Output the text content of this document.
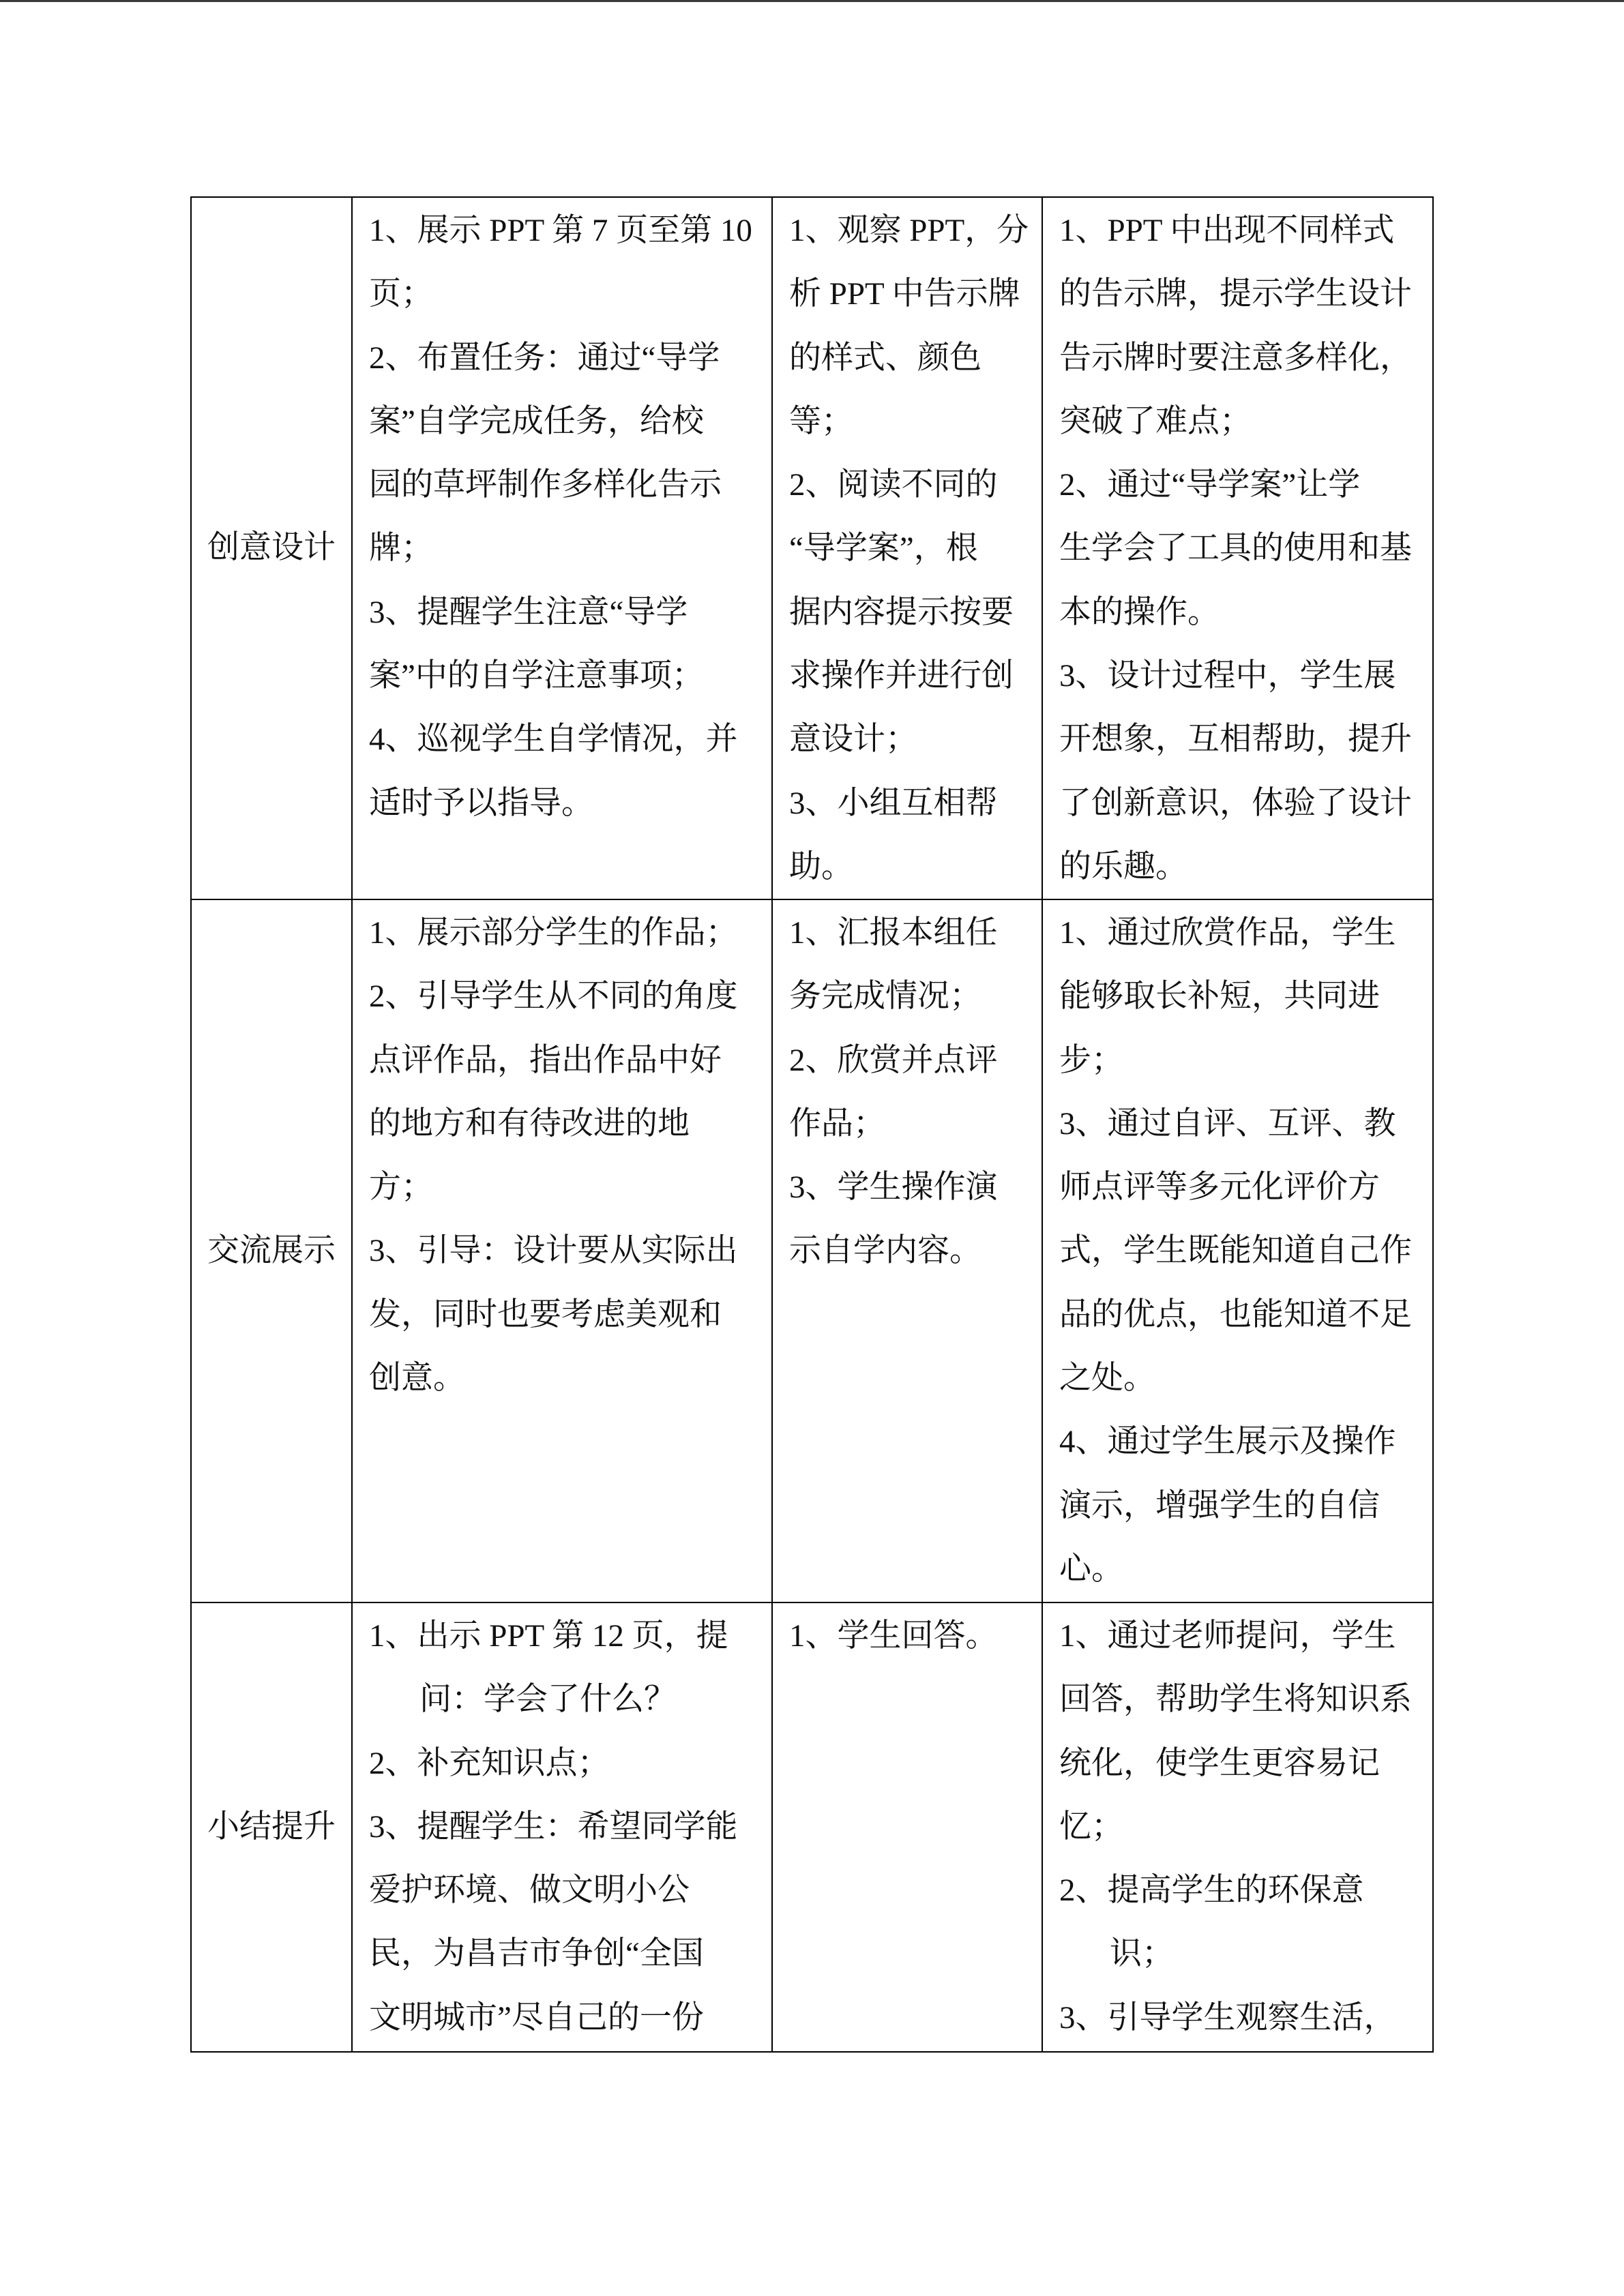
创意设计
1、展示 PPT 第 7 页至第 10
页；
2、布置任务：通过“导学
案”自学完成任务，给校
园的草坪制作多样化告示
牌；
3、提醒学生注意“导学
案”中的自学注意事项；
4、巡视学生自学情况，并
适时予以指导。
1、观察 PPT，分
析 PPT 中告示牌
的样式、颜色
等；
2、阅读不同的
“导学案”，根
据内容提示按要
求操作并进行创
意设计；
3、小组互相帮
助。
1、PPT 中出现不同样式
的告示牌，提示学生设计
告示牌时要注意多样化，
突破了难点；
2、通过“导学案”让学
生学会了工具的使用和基
本的操作。
3、设计过程中，学生展
开想象，互相帮助，提升
了创新意识，体验了设计
的乐趣。
交流展示
1、展示部分学生的作品；
2、引导学生从不同的角度
点评作品，指出作品中好
的地方和有待改进的地
方；
3、引导：设计要从实际出
发，同时也要考虑美观和
创意。
1、汇报本组任
务完成情况；
2、欣赏并点评
作品；
3、学生操作演
示自学内容。
1、通过欣赏作品，学生
能够取长补短，共同进
步；
3、通过自评、互评、教
师点评等多元化评价方
式，学生既能知道自己作
品的优点，也能知道不足
之处。
4、通过学生展示及操作
演示，增强学生的自信
心。
小结提升
1、出示 PPT 第 12 页，提
问：学会了什么？
2、补充知识点；
3、提醒学生：希望同学能
爱护环境、做文明小公
民，为昌吉市争创“全国
文明城市”尽自己的一份
1、学生回答。	1、通过老师提问，学生
回答，帮助学生将知识系
统化，使学生更容易记
忆；
2、提高学生的环保意
识；
3、引导学生观察生活，
